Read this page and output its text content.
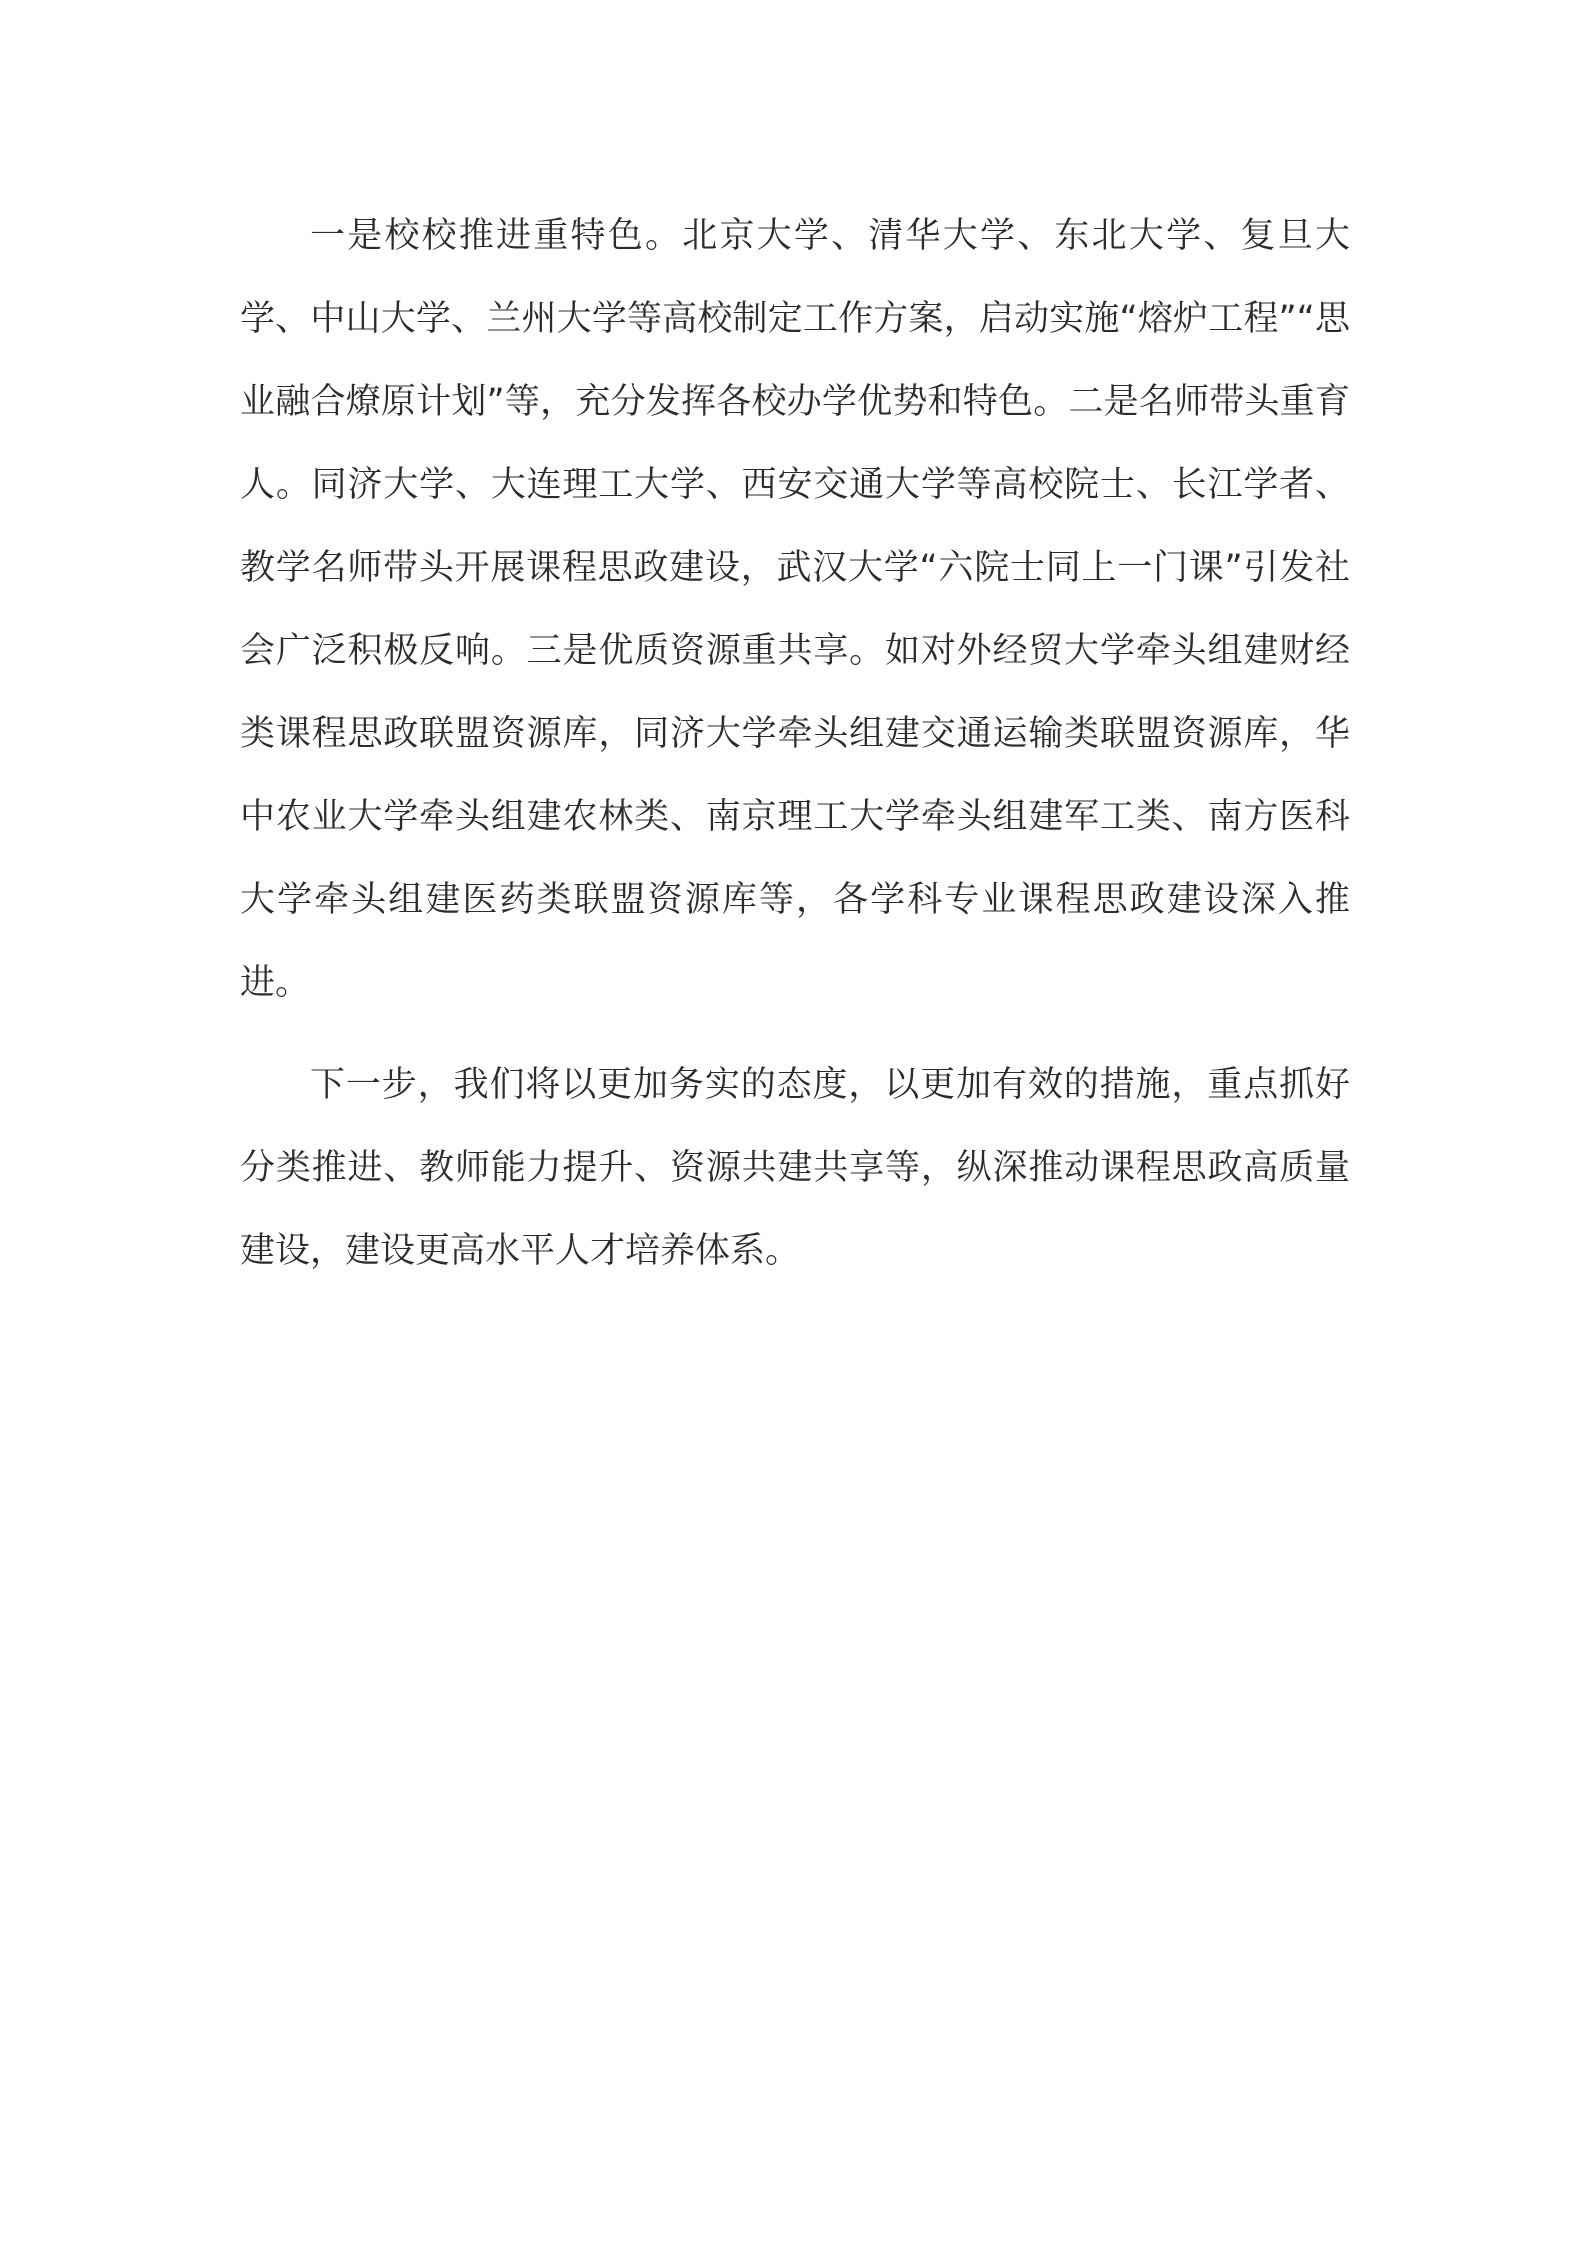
一是校校推进重特色。北京大学、清华大学、东北大学、复旦大学、中山大学、兰州大学等高校制定工作方案，启动实施“熔炉工程”“思业融合燎原计划”等，充分发挥各校办学优势和特色。二是名师带头重育人。同济大学、大连理工大学、西安交通大学等高校院士、长江学者、教学名师带头开展课程思政建设，武汉大学“六院士同上一门课”引发社会广泛积极反响。三是优质资源重共享。如对外经贸大学牵头组建财经类课程思政联盟资源库，同济大学牵头组建交通运输类联盟资源库，华中农业大学牵头组建农林类、南京理工大学牵头组建军工类、南方医科大学牵头组建医药类联盟资源库等，各学科专业课程思政建设深入推进。

下一步，我们将以更加务实的态度，以更加有效的措施，重点抓好分类推进、教师能力提升、资源共建共享等，纵深推动课程思政高质量建设，建设更高水平人才培养体系。
